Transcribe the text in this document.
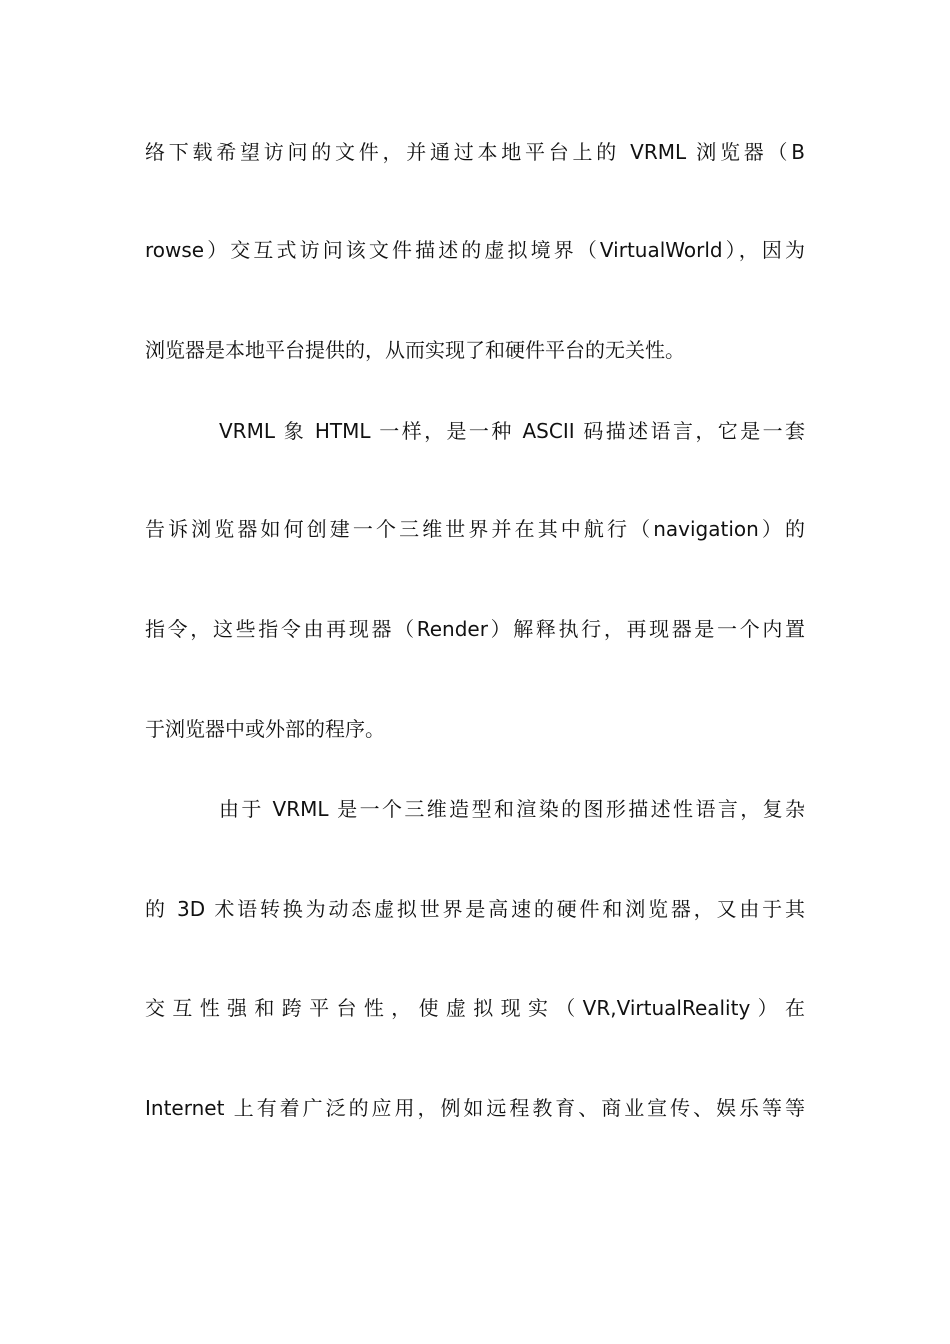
络下载希望访问的文件，并通过本地平台上的 VRML 浏览器（B
rowse）交互式访问该文件描述的虚拟境界（VirtualWorld），因为
浏览器是本地平台提供的，从而实现了和硬件平台的无关性。
VRML 象 HTML 一样，是一种 ASCII 码描述语言，它是一套
告诉浏览器如何创建一个三维世界并在其中航行（navigation）的
指令，这些指令由再现器（Render）解释执行，再现器是一个内置
于浏览器中或外部的程序。
由于 VRML 是一个三维造型和渲染的图形描述性语言，复杂
的 3D 术语转换为动态虚拟世界是高速的硬件和浏览器，又由于其
交互性强和跨平台性，使虚拟现实（VR,VirtualReality）在
Internet 上有着广泛的应用，例如远程教育、商业宣传、娱乐等等
